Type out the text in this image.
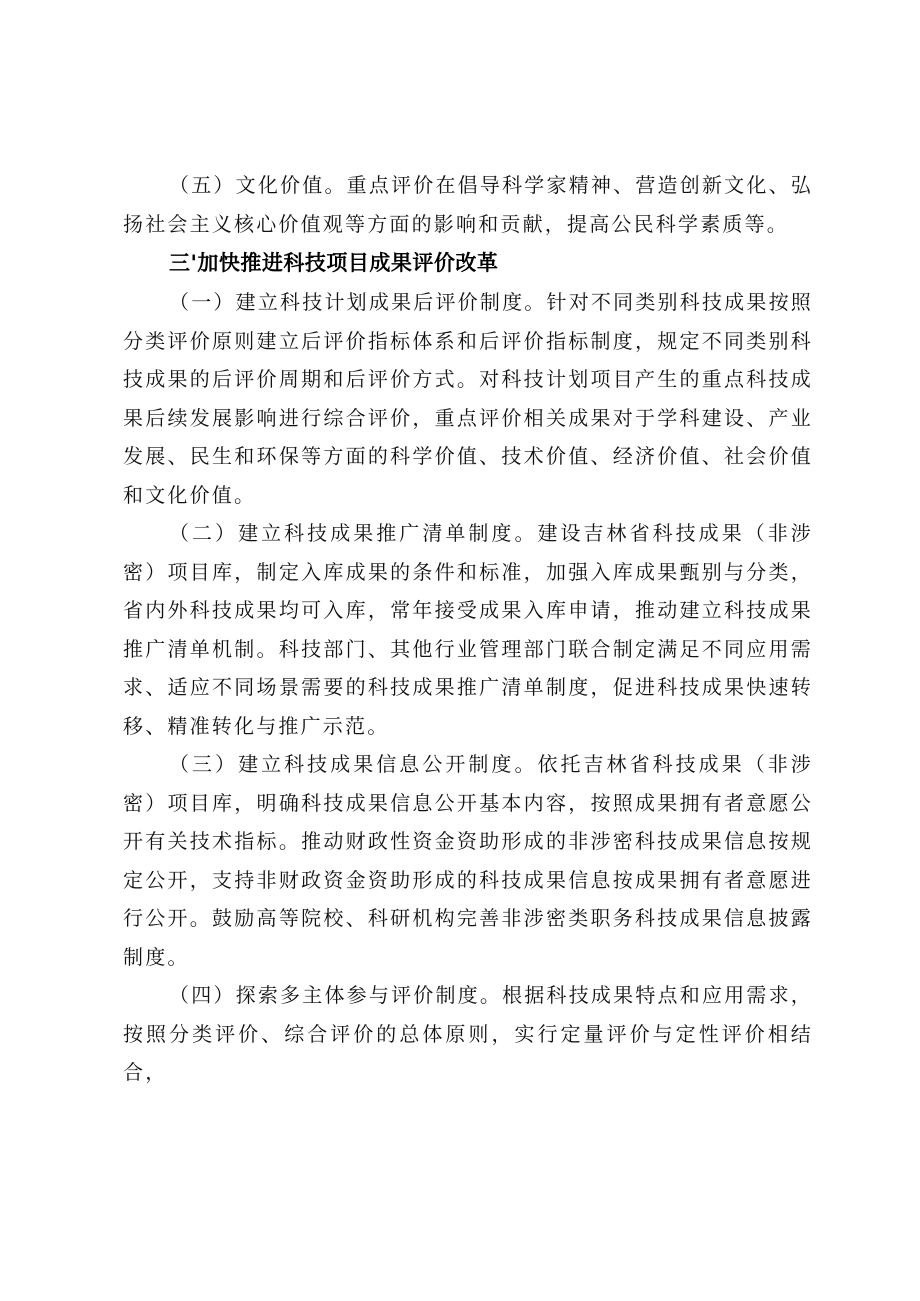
（五）文化价值。重点评价在倡导科学家精神、营造创新文化、弘扬社会主义核心价值观等方面的影响和贡献，提高公民科学素质等。

三'加快推进科技项目成果评价改革

（一）建立科技计划成果后评价制度。针对不同类别科技成果按照分类评价原则建立后评价指标体系和后评价指标制度，规定不同类别科技成果的后评价周期和后评价方式。对科技计划项目产生的重点科技成果后续发展影响进行综合评价，重点评价相关成果对于学科建设、产业发展、民生和环保等方面的科学价值、技术价值、经济价值、社会价值和文化价值。

（二）建立科技成果推广清单制度。建设吉林省科技成果（非涉密）项目库，制定入库成果的条件和标准，加强入库成果甄别与分类，省内外科技成果均可入库，常年接受成果入库申请，推动建立科技成果推广清单机制。科技部门、其他行业管理部门联合制定满足不同应用需求、适应不同场景需要的科技成果推广清单制度，促进科技成果快速转移、精准转化与推广示范。

（三）建立科技成果信息公开制度。依托吉林省科技成果（非涉密）项目库，明确科技成果信息公开基本内容，按照成果拥有者意愿公开有关技术指标。推动财政性资金资助形成的非涉密科技成果信息按规定公开，支持非财政资金资助形成的科技成果信息按成果拥有者意愿进行公开。鼓励高等院校、科研机构完善非涉密类职务科技成果信息披露制度。

（四）探索多主体参与评价制度。根据科技成果特点和应用需求，按照分类评价、综合评价的总体原则，实行定量评价与定性评价相结合，
